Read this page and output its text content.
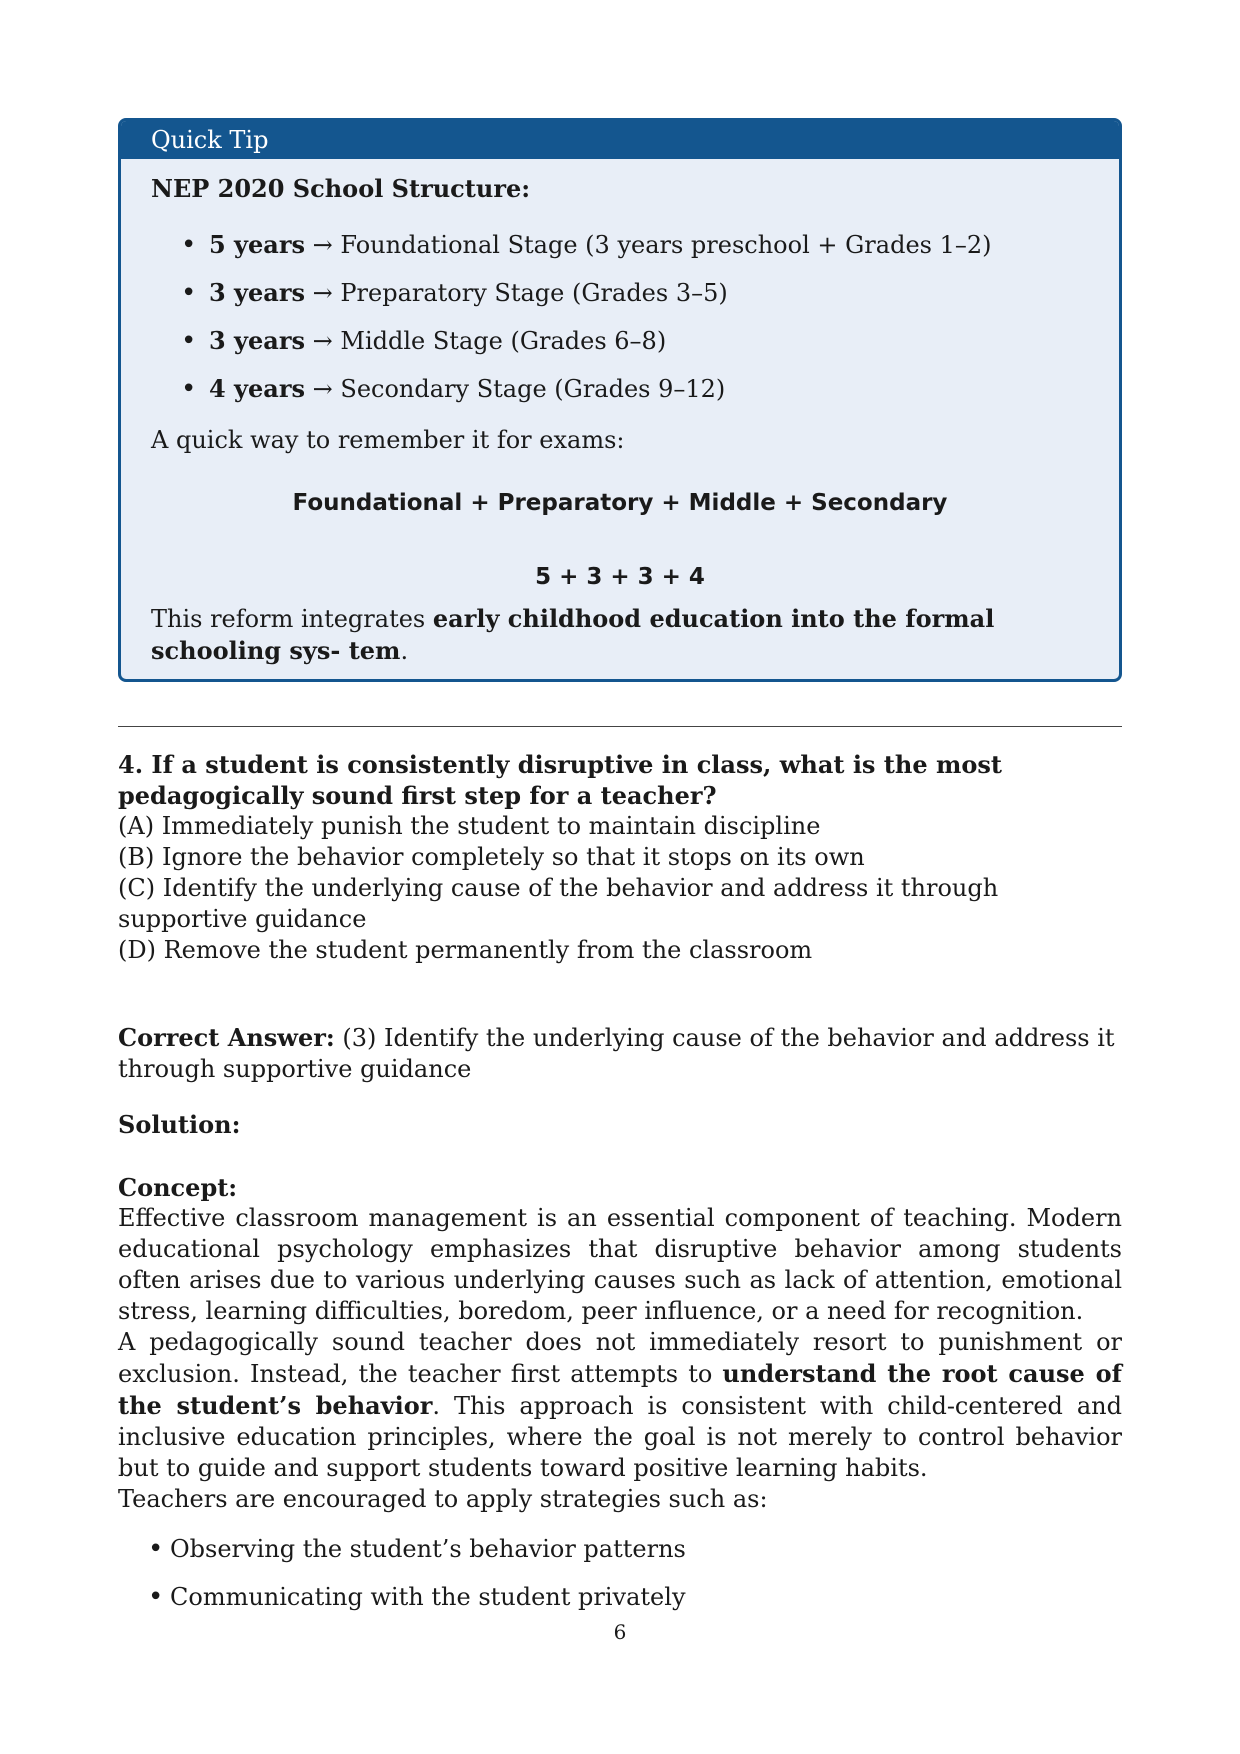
Quick Tip
NEP 2020 School Structure:
• 5 years → Foundational Stage (3 years preschool + Grades 1–2)
• 3 years → Preparatory Stage (Grades 3–5)
• 3 years → Middle Stage (Grades 6–8)
• 4 years → Secondary Stage (Grades 9–12)
A quick way to remember it for exams:
Foundational + Preparatory + Middle + Secondary
5 + 3 + 3 + 4
This reform integrates early childhood education into the formal schooling sys- tem.
4. If a student is consistently disruptive in class, what is the most pedagogically sound first step for a teacher?
(A) Immediately punish the student to maintain discipline
(B) Ignore the behavior completely so that it stops on its own
(C) Identify the underlying cause of the behavior and address it through supportive guidance
(D) Remove the student permanently from the classroom
Correct Answer: (3) Identify the underlying cause of the behavior and address it through supportive guidance
Solution:
Concept:
Effective classroom management is an essential component of teaching. Modern educational psychology emphasizes that disruptive behavior among students often arises due to various underlying causes such as lack of attention, emotional stress, learning difficulties, boredom, peer influence, or a need for recognition.
A pedagogically sound teacher does not immediately resort to punishment or exclusion. Instead, the teacher first attempts to understand the root cause of the student’s behavior. This approach is consistent with child-centered and inclusive education principles, where the goal is not merely to control behavior but to guide and support students toward positive learning habits.
Teachers are encouraged to apply strategies such as:
• Observing the student’s behavior patterns
• Communicating with the student privately
6
